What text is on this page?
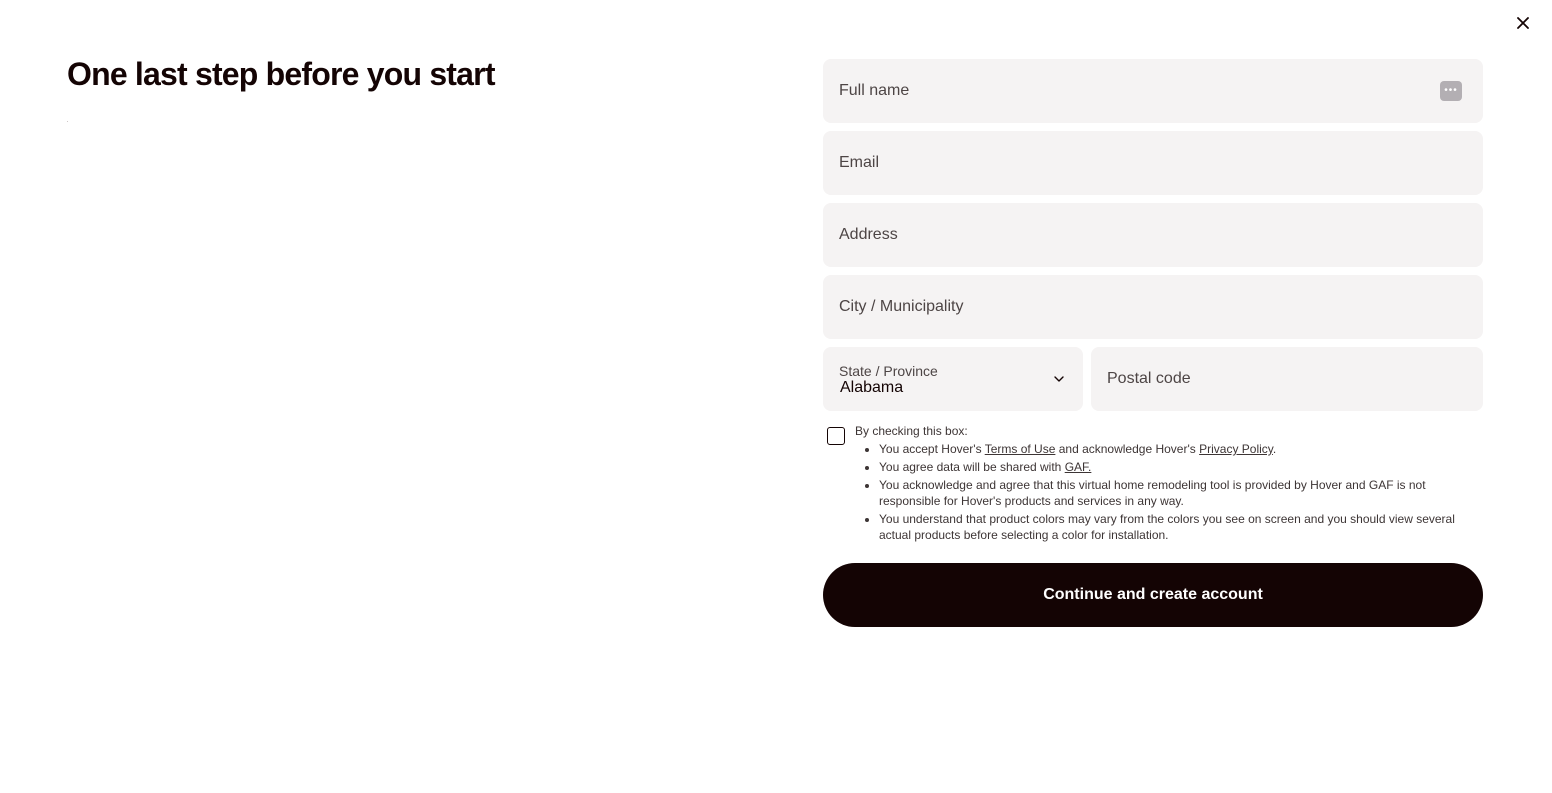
One last step before you start
Full name	•••
Email
Address
City / Municipality
State / Province
Alabama
Postal code
By checking this box:
• You accept Hover's Terms of Use and acknowledge Hover's Privacy Policy.
• You agree data will be shared with GAF.
• You acknowledge and agree that this virtual home remodeling tool is provided by Hover and GAF is not responsible for Hover's products and services in any way.
• You understand that product colors may vary from the colors you see on screen and you should view several actual products before selecting a color for installation.
Continue and create account
